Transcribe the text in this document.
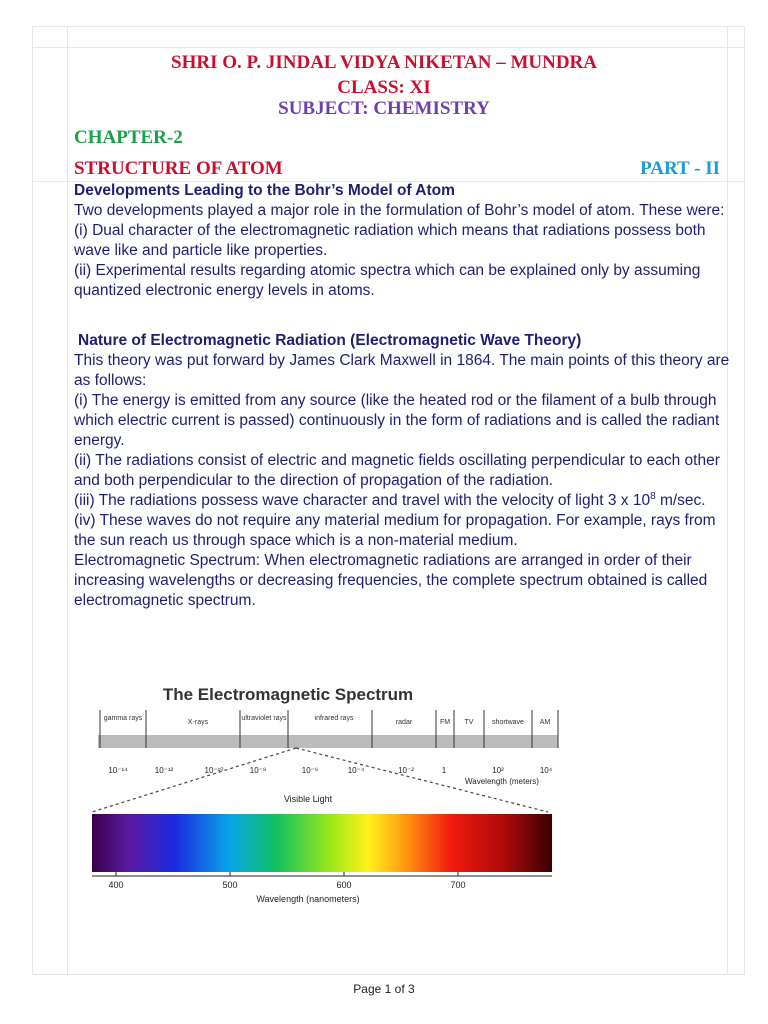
SHRI O. P. JINDAL VIDYA NIKETAN – MUNDRA
CLASS: XI
SUBJECT: CHEMISTRY
CHAPTER-2
STRUCTURE OF ATOM	PART - II

Developments Leading to the Bohr’s Model of Atom

Two developments played a major role in the formulation of Bohr’s model of atom. These were:

(i) Dual character of the electromagnetic radiation which means that radiations possess both wave like and particle like properties.

(ii) Experimental results regarding atomic spectra which can be explained only by assuming quantized electronic energy levels in atoms.

Nature of Electromagnetic Radiation (Electromagnetic Wave Theory)

This theory was put forward by James Clark Maxwell in 1864. The main points of this theory are as follows:

(i) The energy is emitted from any source (like the heated rod or the filament of a bulb through which electric current is passed) continuously in the form of radiations and is called the radiant energy.

(ii) The radiations consist of electric and magnetic fields oscillating perpendicular to each other and both perpendicular to the direction of propagation of the radiation.

(iii) The radiations possess wave character and travel with the velocity of light 3 x $10^8$ m/sec.

(iv) These waves do not require any material medium for propagation. For example, rays from the sun reach us through space which is a non-material medium.

Electromagnetic Spectrum: When electromagnetic radiations are arranged in order of their increasing wavelengths or decreasing frequencies, the complete spectrum obtained is called electromagnetic spectrum.

The Electromagnetic Spectrum
gamma rays
X-rays
ultraviolet rays	infrared rays
radar	FM TV	shortwave AM
10⁻¹⁴	10⁻¹²	10⁻¹⁰	10⁻⁸	10⁻⁶	10⁻⁴	10⁻²	1	10²	10⁴
Wavelength (meters)
Visible Light
400	500	600	700
Wavelength (nanometers)
Page 1 of 3
